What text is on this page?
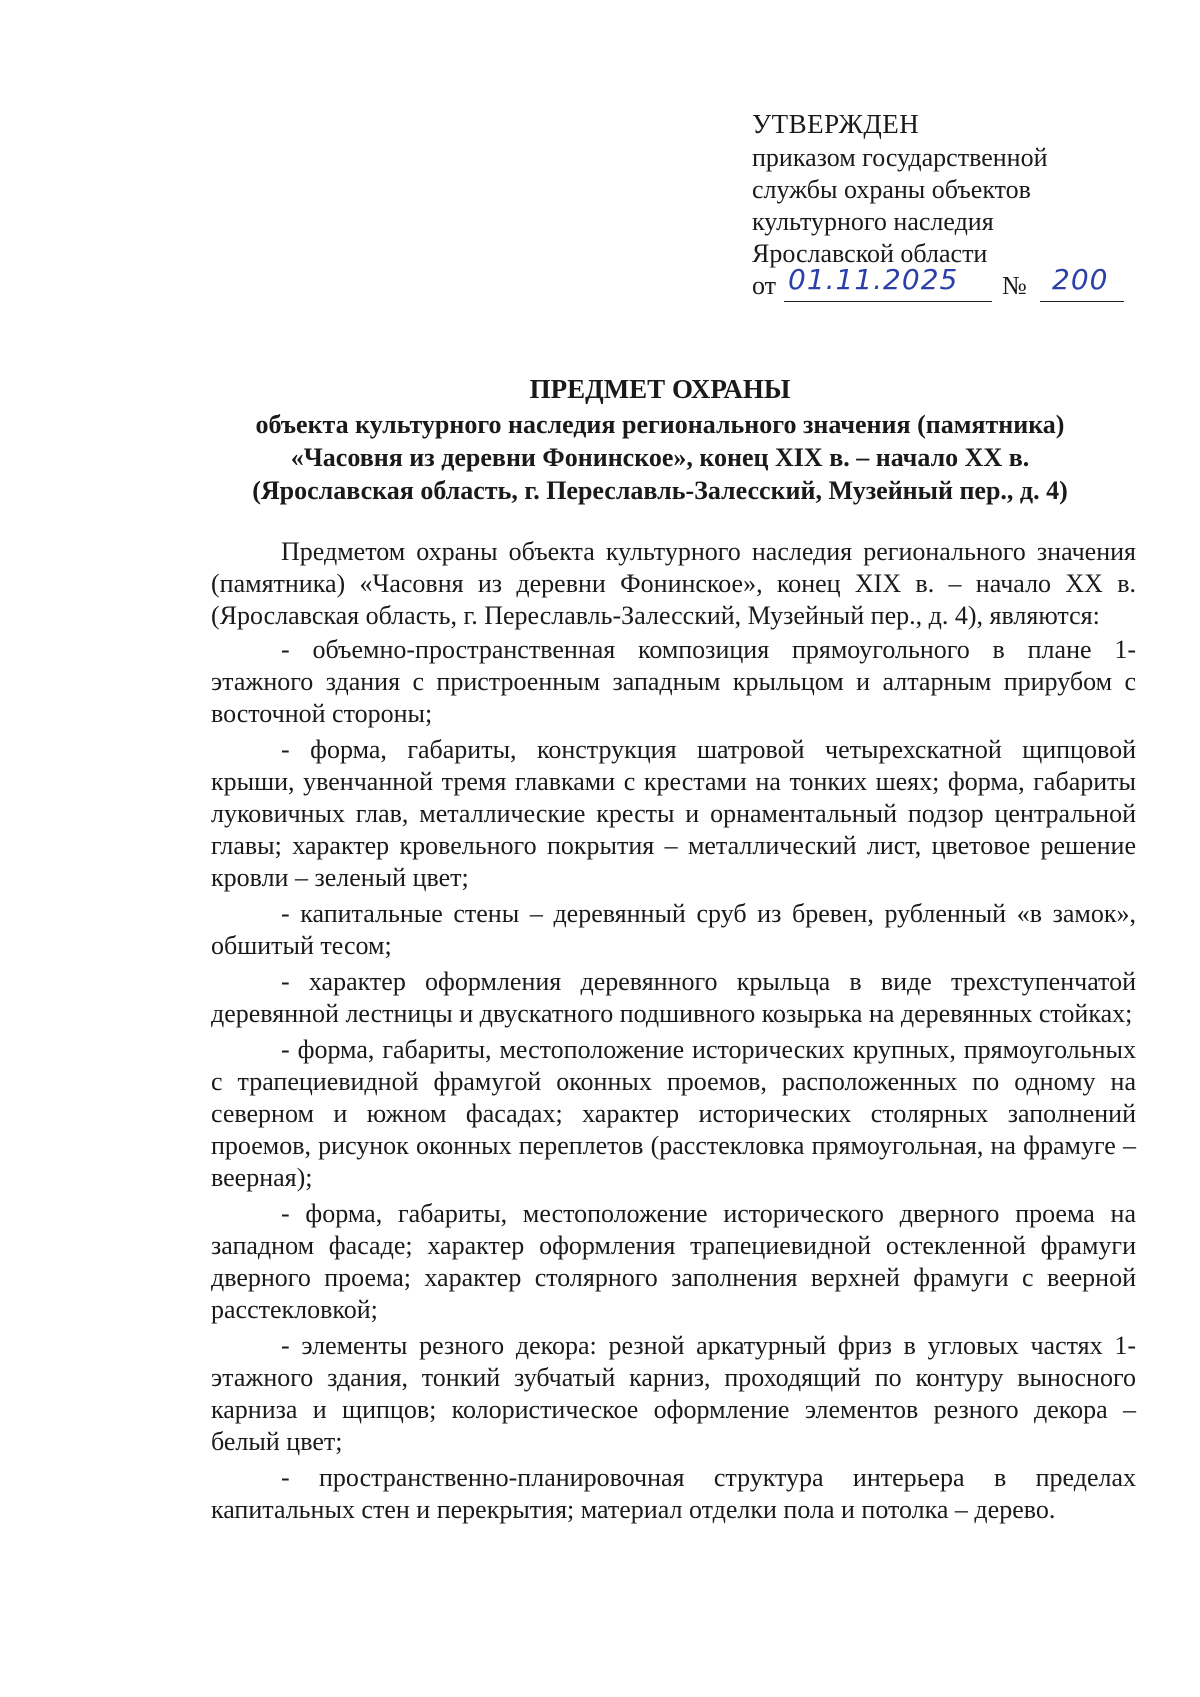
УТВЕРЖДЕН
приказом государственной
службы охраны объектов
культурного наследия
Ярославской области
от 01.11.2025 № 200
ПРЕДМЕТ ОХРАНЫ
объекта культурного наследия регионального значения (памятника)
«Часовня из деревни Фонинское», конец XIX в. – начало XX в.
(Ярославская область, г. Переславль-Залесский, Музейный пер., д. 4)

Предметом охраны объекта культурного наследия регионального значения (памятника) «Часовня из деревни Фонинское», конец XIX в. – начало XX в. (Ярославская область, г. Переславль-Залесский, Музейный пер., д. 4), являются:

- объемно-пространственная композиция прямоугольного в плане 1-этажного здания с пристроенным западным крыльцом и алтарным прирубом с восточной стороны;

- форма, габариты, конструкция шатровой четырехскатной щипцовой крыши, увенчанной тремя главками с крестами на тонких шеях; форма, габариты луковичных глав, металлические кресты и орнаментальный подзор центральной главы; характер кровельного покрытия – металлический лист, цветовое решение кровли – зеленый цвет;

- капитальные стены – деревянный сруб из бревен, рубленный «в замок», обшитый тесом;

- характер оформления деревянного крыльца в виде трехступенчатой деревянной лестницы и двускатного подшивного козырька на деревянных стойках;

- форма, габариты, местоположение исторических крупных, прямоугольных с трапециевидной фрамугой оконных проемов, расположенных по одному на северном и южном фасадах; характер исторических столярных заполнений проемов, рисунок оконных переплетов (расстекловка прямоугольная, на фрамуге – веерная);

- форма, габариты, местоположение исторического дверного проема на западном фасаде; характер оформления трапециевидной остекленной фрамуги дверного проема; характер столярного заполнения верхней фрамуги с веерной расстекловкой;

- элементы резного декора: резной аркатурный фриз в угловых частях 1-этажного здания, тонкий зубчатый карниз, проходящий по контуру выносного карниза и щипцов; колористическое оформление элементов резного декора – белый цвет;

- пространственно-планировочная структура интерьера в пределах капитальных стен и перекрытия; материал отделки пола и потолка – дерево.
